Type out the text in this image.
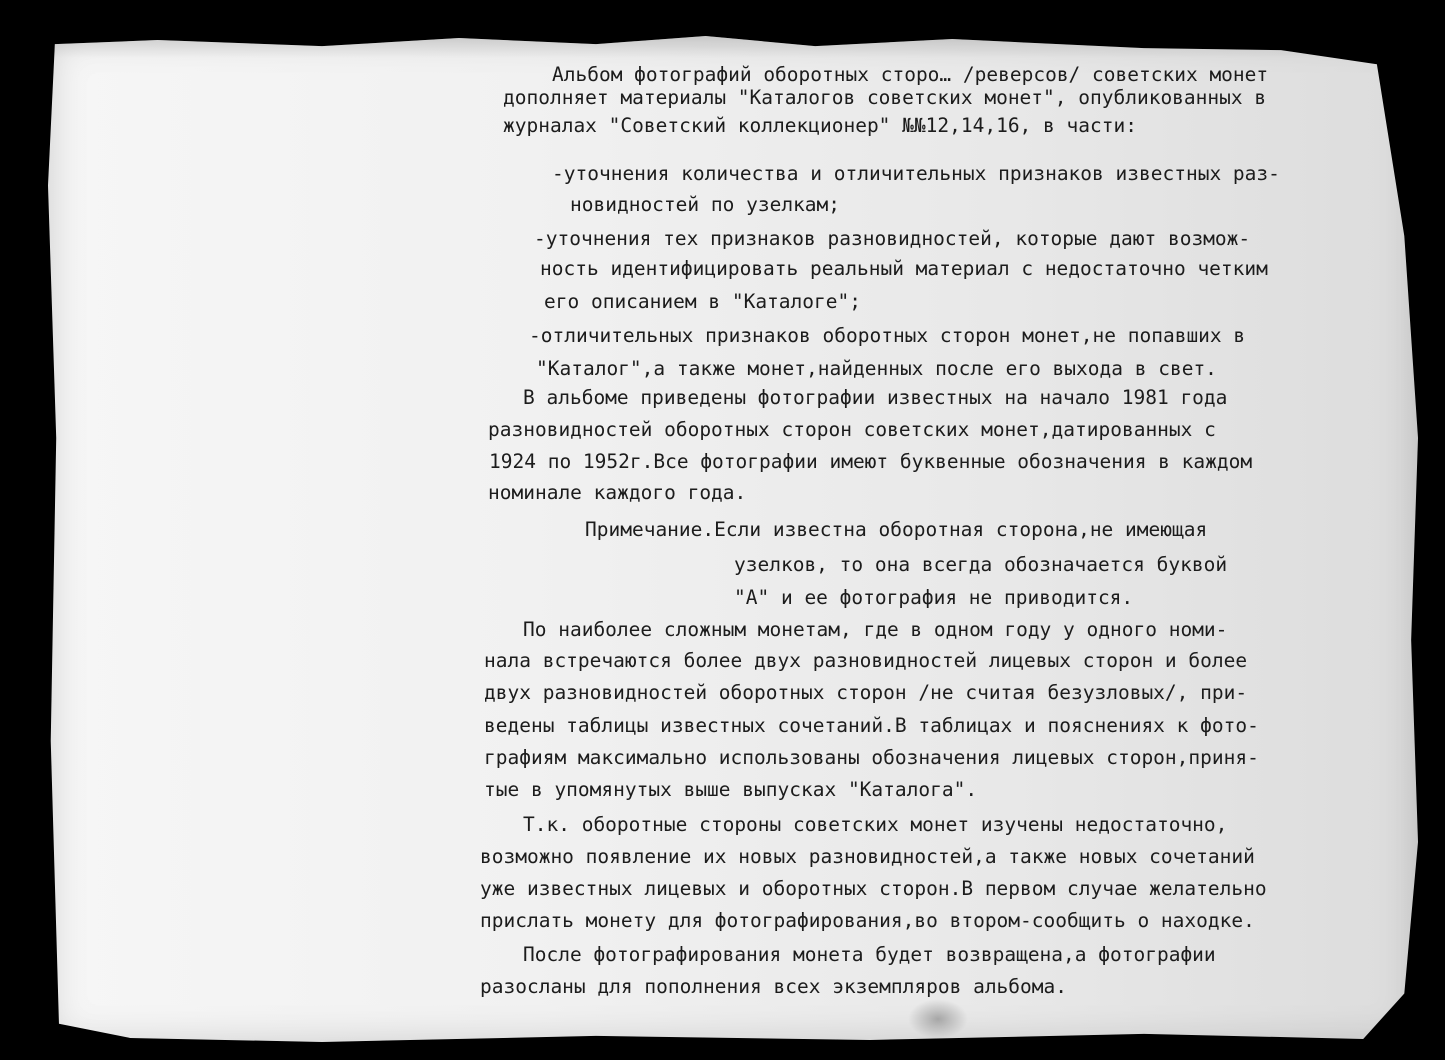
Альбом фотографий оборотных сторо… /реверсов/ советских монет
дополняет материалы "Каталогов советских монет", опубликованных в
журналах "Советский коллекционер" №№12,14,16, в части:
-уточнения количества и отличительных признаков известных раз-
новидностей по узелкам;
-уточнения тех признаков разновидностей, которые дают возмож-
ность идентифицировать реальный материал с недостаточно четким
его описанием в "Каталоге";
-отличительных признаков оборотных сторон монет,не попавших в
"Каталог",а также монет,найденных после его выхода в свет.
В альбоме приведены фотографии известных на начало 1981 года
разновидностей оборотных сторон советских монет,датированных с
1924 по 1952г.Все фотографии имеют буквенные обозначения в каждом
номинале каждого года.
Примечание.Если известна оборотная сторона,не имеющая
узелков, то она всегда обозначается буквой
"А" и ее фотография не приводится.
По наиболее сложным монетам, где в одном году у одного номи-
нала встречаются более двух разновидностей лицевых сторон и более
двух разновидностей оборотных сторон /не считая безузловых/, при-
ведены таблицы известных сочетаний.В таблицах и пояснениях к фото-
графиям максимально использованы обозначения лицевых сторон,приня-
тые в упомянутых выше выпусках "Каталога".
Т.к. оборотные стороны советских монет изучены недостаточно,
возможно появление их новых разновидностей,а также новых сочетаний
уже известных лицевых и оборотных сторон.В первом случае желательно
прислать монету для фотографирования,во втором-сообщить о находке.
После фотографирования монета будет возвращена,а фотографии
разосланы для пополнения всех экземпляров альбома.
